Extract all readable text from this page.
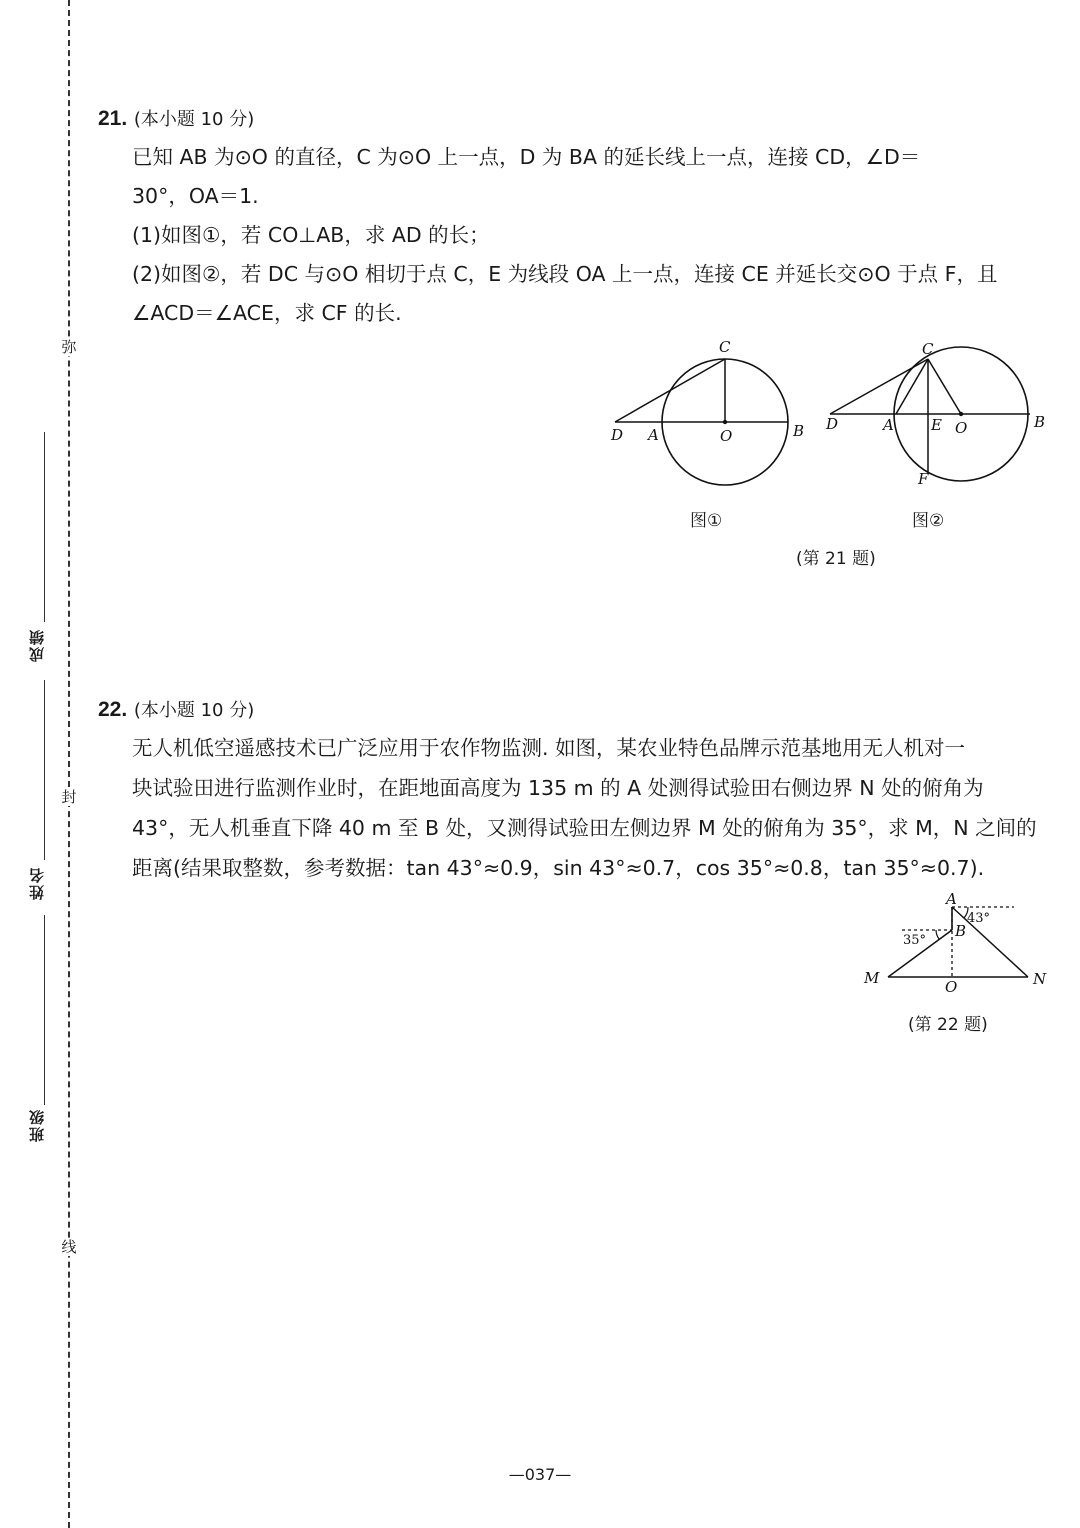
弥
封
线
成绩
姓名
班级
21. (本小题 10 分)

已知 AB 为⊙O 的直径，C 为⊙O 上一点，D 为 BA 的延长线上一点，连接 CD，∠D＝

30°，OA＝1.

(1)如图①，若 CO⊥AB，求 AD 的长；

(2)如图②，若 DC 与⊙O 相切于点 C，E 为线段 OA 上一点，连接 CE 并延长交⊙O 于点 F，且

∠ACD＝∠ACE，求 CF 的长.

C
D A	O	B
图①
C
D	A E O	B
F
图②
(第 21 题)
22. (本小题 10 分)

无人机低空遥感技术已广泛应用于农作物监测. 如图，某农业特色品牌示范基地用无人机对一

块试验田进行监测作业时，在距地面高度为 135 m 的 A 处测得试验田右侧边界 N 处的俯角为

43°，无人机垂直下降 40 m 至 B 处，又测得试验田左侧边界 M 处的俯角为 35°，求 M，N 之间的

距离(结果取整数，参考数据：tan 43°≈0.9，sin 43°≈0.7，cos 35°≈0.8，tan 35°≈0.7).

A
B
M	O	N
43°
35°
(第 22 题)
—037—
